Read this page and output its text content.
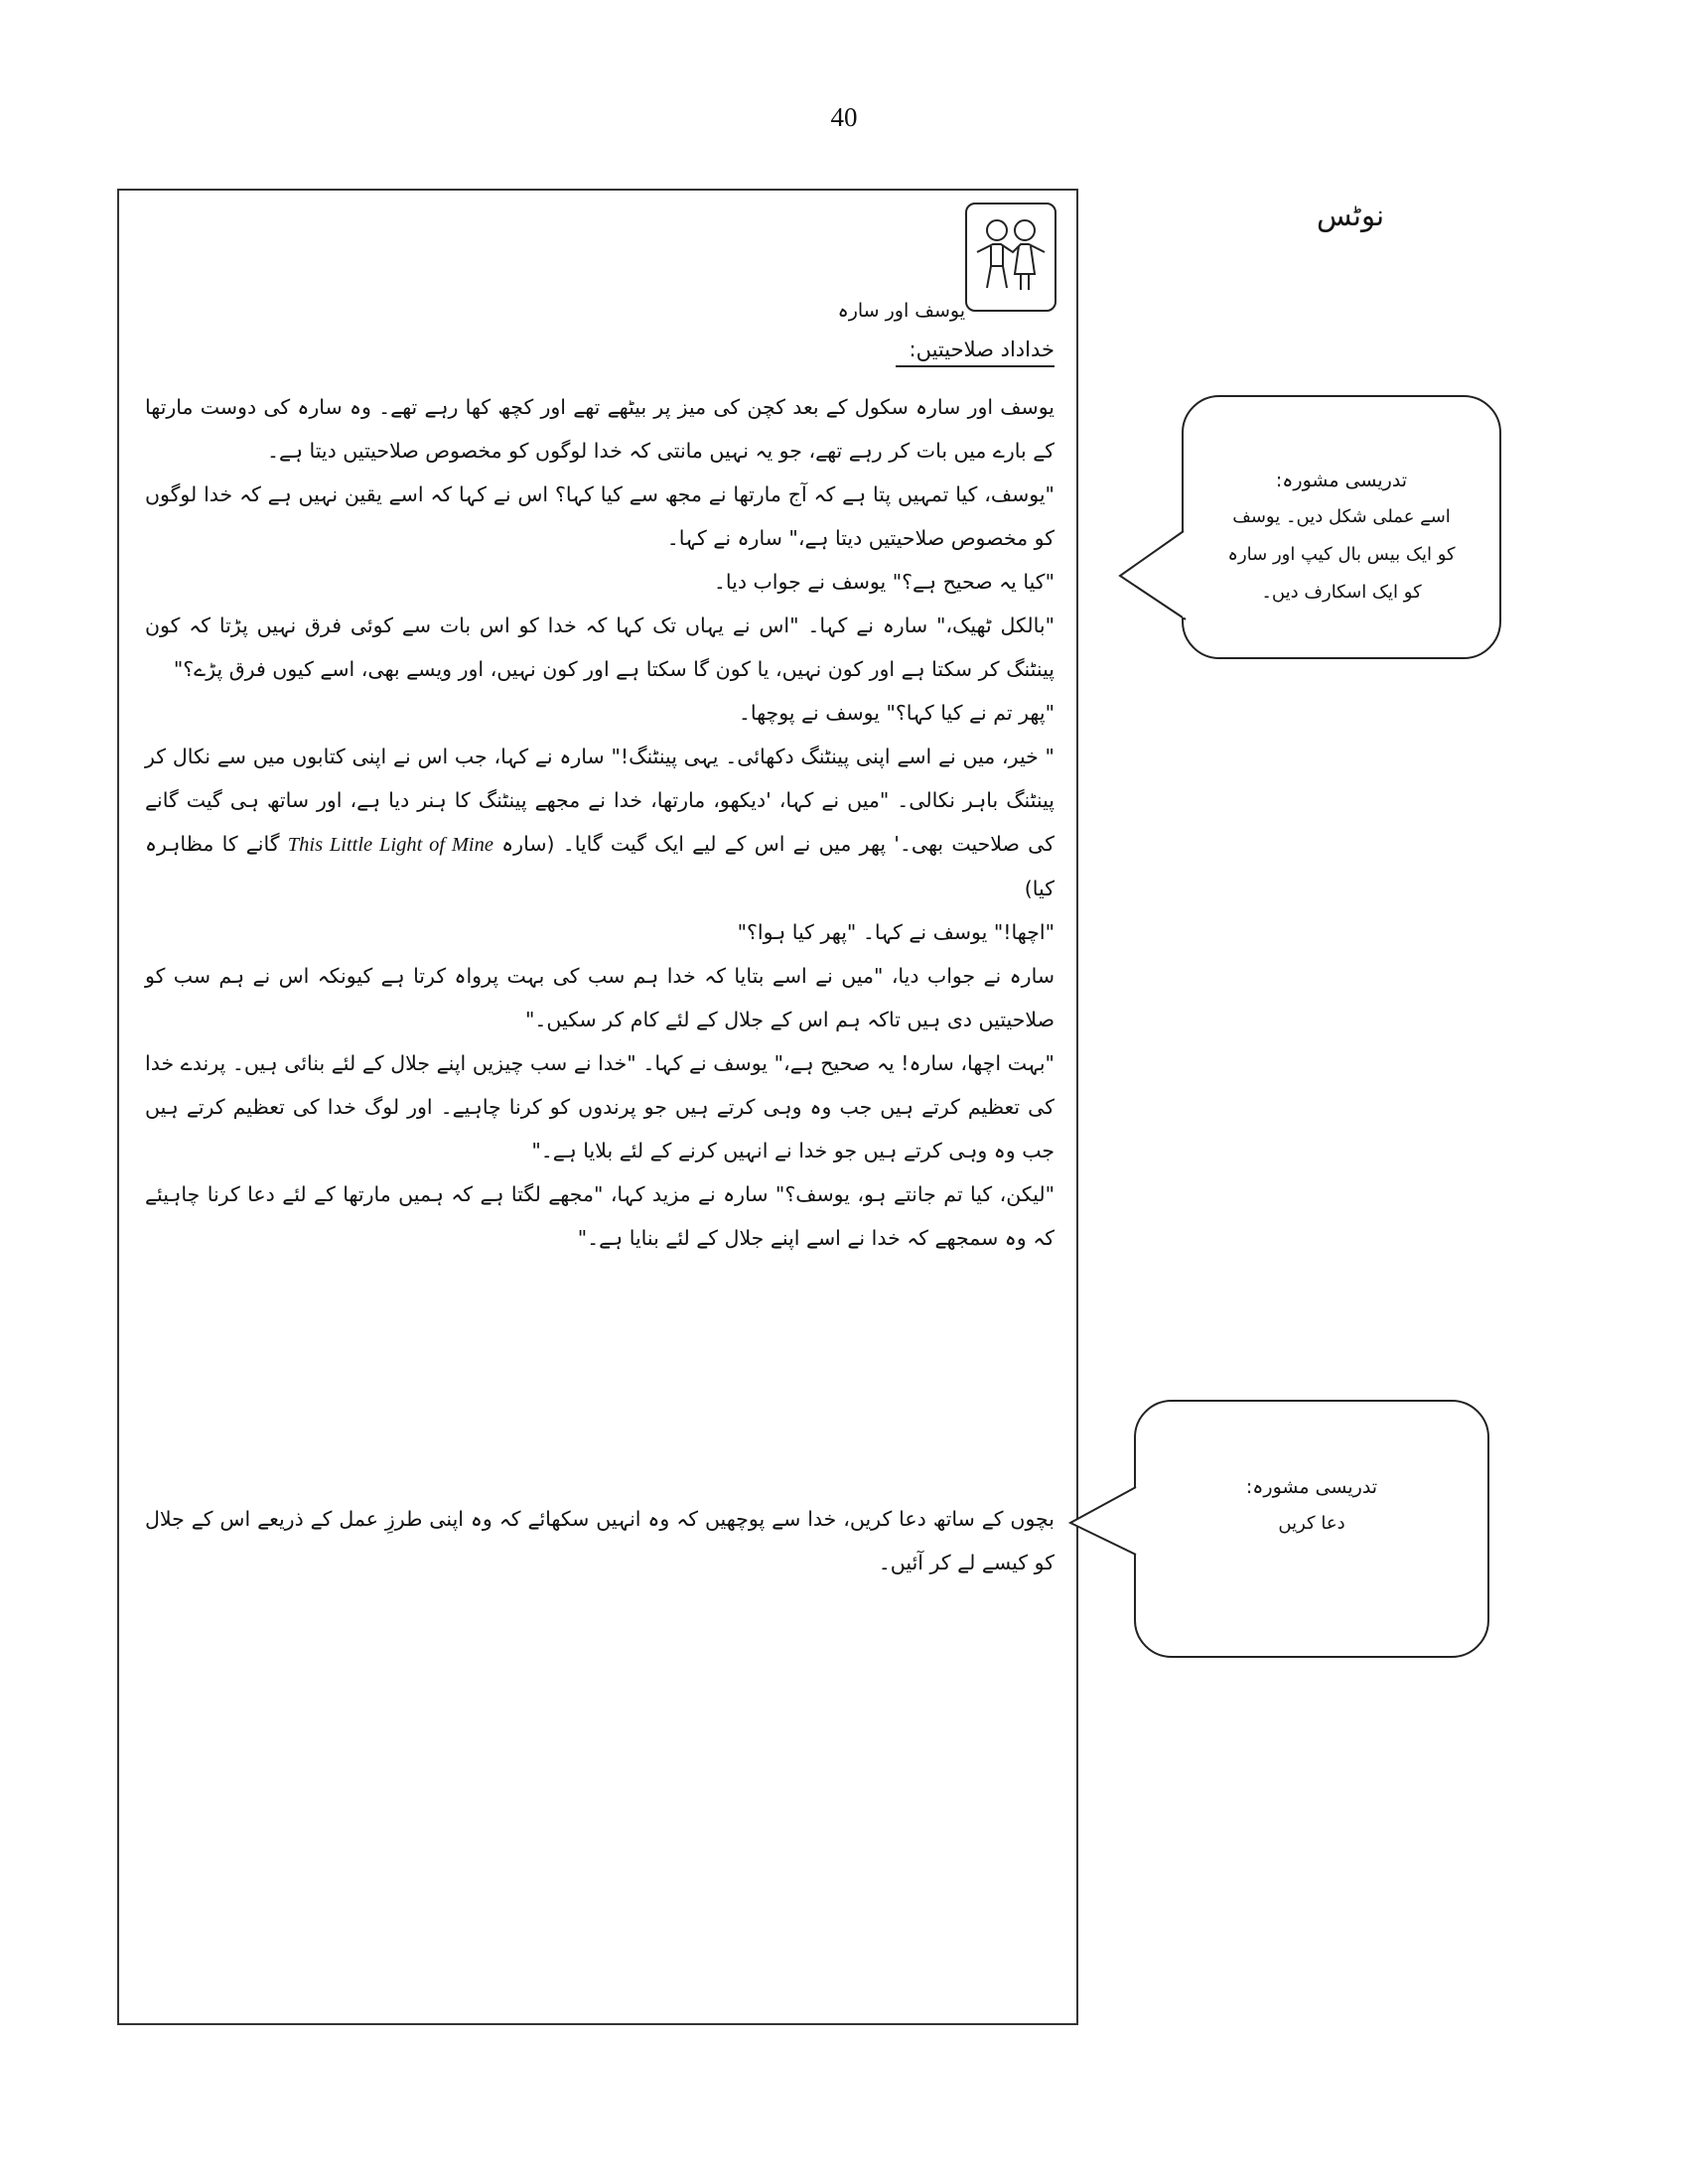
40
یوسف اور سارہ
خداداد صلاحیتیں:

یوسف اور سارہ سکول کے بعد کچن کی میز پر بیٹھے تھے اور کچھ کھا رہے تھے۔ وہ سارہ کی دوست مارتھا کے بارے میں بات کر رہے تھے، جو یہ نہیں مانتی کہ خدا لوگوں کو مخصوص صلاحیتیں دیتا ہے۔

"یوسف، کیا تمہیں پتا ہے کہ آج مارتھا نے مجھ سے کیا کہا؟ اس نے کہا کہ اسے یقین نہیں ہے کہ خدا لوگوں کو مخصوص صلاحیتیں دیتا ہے،" سارہ نے کہا۔

"کیا یہ صحیح ہے؟" یوسف نے جواب دیا۔

"بالکل ٹھیک،" سارہ نے کہا۔ "اس نے یہاں تک کہا کہ خدا کو اس بات سے کوئی فرق نہیں پڑتا کہ کون پینٹنگ کر سکتا ہے اور کون نہیں، یا کون گا سکتا ہے اور کون نہیں، اور ویسے بھی، اسے کیوں فرق پڑے؟"

"پھر تم نے کیا کہا؟" یوسف نے پوچھا۔

" خیر، میں نے اسے اپنی پینٹنگ دکھائی۔ یہی پینٹنگ!" سارہ نے کہا، جب اس نے اپنی کتابوں میں سے نکال کر پینٹنگ باہر نکالی۔ "میں نے کہا، 'دیکھو، مارتھا، خدا نے مجھے پینٹنگ کا ہنر دیا ہے، اور ساتھ ہی گیت گانے کی صلاحیت بھی۔' پھر میں نے اس کے لیے ایک گیت گایا۔ (سارہ This Little Light of Mine گانے کا مظاہرہ کیا)

"اچھا!" یوسف نے کہا۔ "پھر کیا ہوا؟"

سارہ نے جواب دیا، "میں نے اسے بتایا کہ خدا ہم سب کی بہت پرواہ کرتا ہے کیونکہ اس نے ہم سب کو صلاحیتیں دی ہیں تاکہ ہم اس کے جلال کے لئے کام کر سکیں۔"

"بہت اچھا، سارہ! یہ صحیح ہے،" یوسف نے کہا۔ "خدا نے سب چیزیں اپنے جلال کے لئے بنائی ہیں۔ پرندے خدا کی تعظیم کرتے ہیں جب وہ وہی کرتے ہیں جو پرندوں کو کرنا چاہیے۔ اور لوگ خدا کی تعظیم کرتے ہیں جب وہ وہی کرتے ہیں جو خدا نے انہیں کرنے کے لئے بلایا ہے۔"

"لیکن، کیا تم جانتے ہو، یوسف؟" سارہ نے مزید کہا، "مجھے لگتا ہے کہ ہمیں مارتھا کے لئے دعا کرنا چاہیئے کہ وہ سمجھے کہ خدا نے اسے اپنے جلال کے لئے بنایا ہے۔"

بچوں کے ساتھ دعا کریں، خدا سے پوچھیں کہ وہ انہیں سکھائے کہ وہ اپنی طرزِ عمل کے ذریعے اس کے جلال کو کیسے لے کر آئیں۔
نوٹس
تدریسی مشورہ:
اسے عملی شکل دیں۔ یوسف کو ایک بیس بال کیپ اور سارہ کو ایک اسکارف دیں۔
تدریسی مشورہ:
دعا کریں
